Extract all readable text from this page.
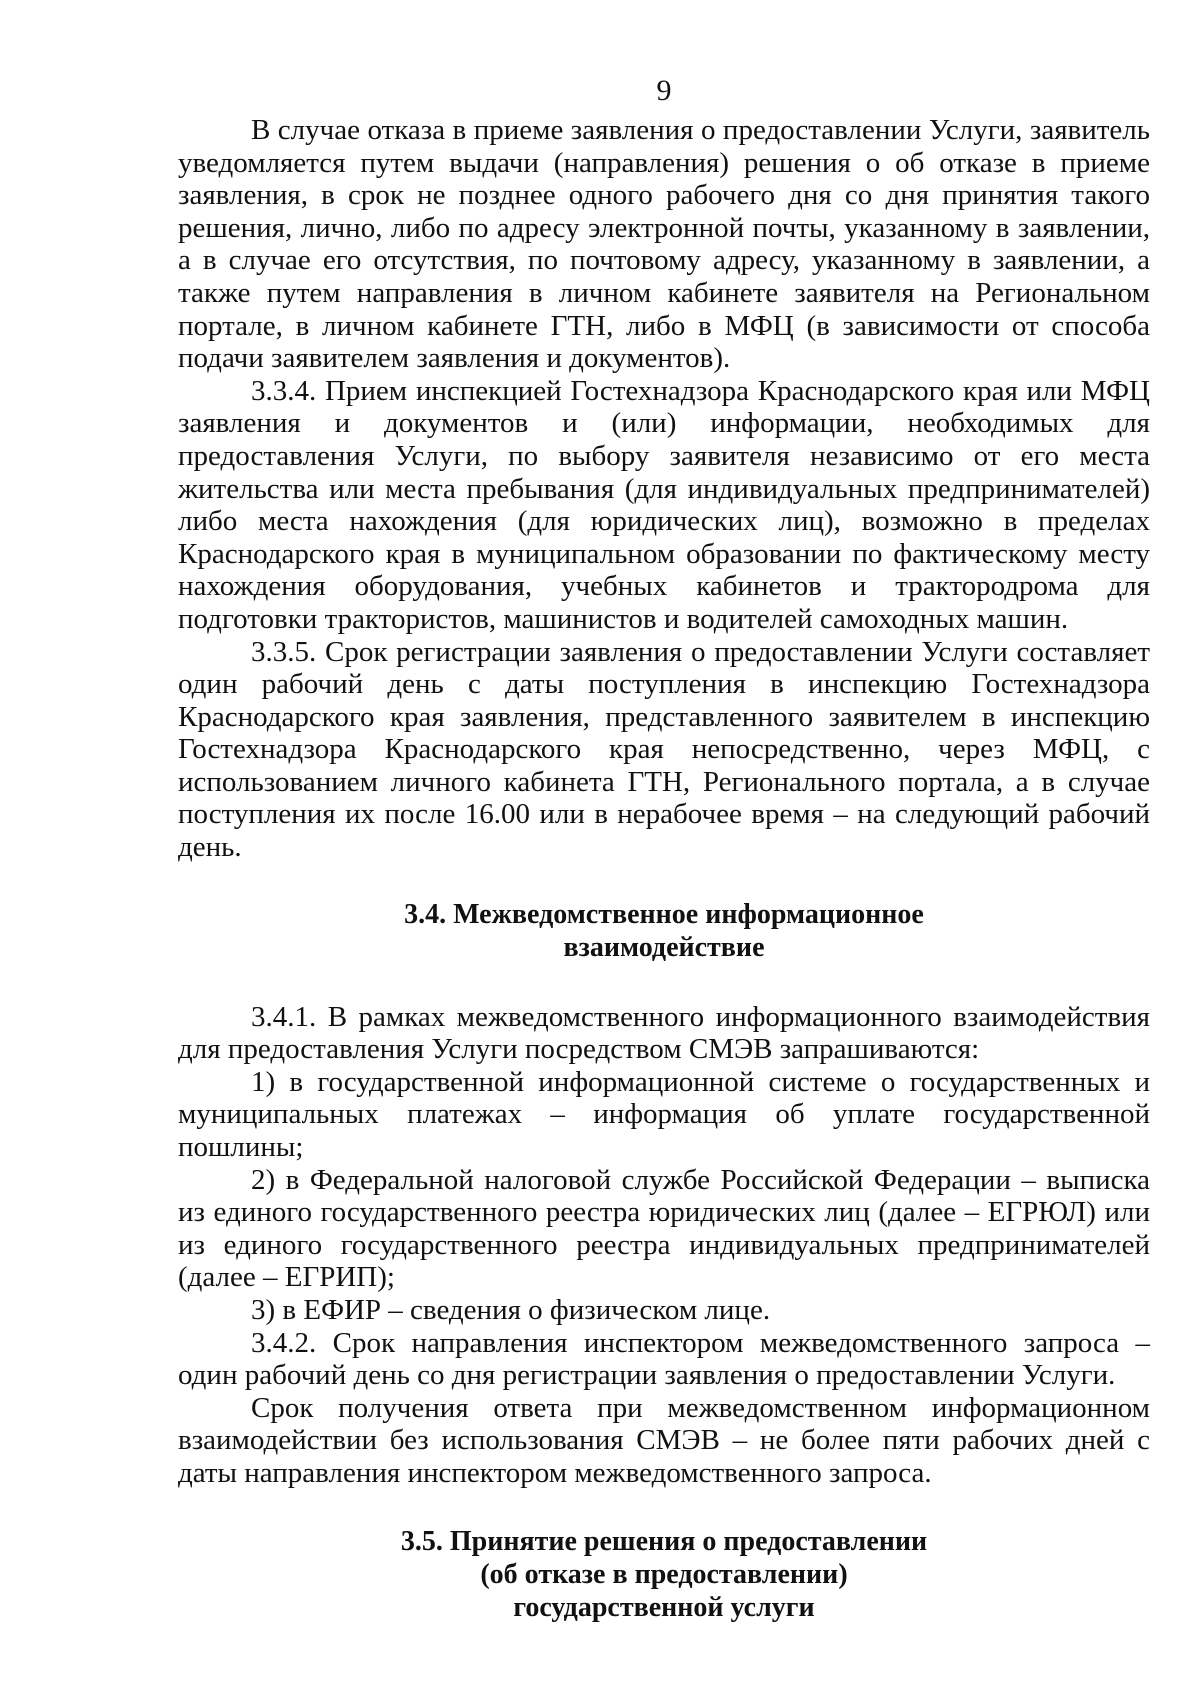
9

В случае отказа в приеме заявления о предоставлении Услуги, заявитель уведомляется путем выдачи (направления) решения о об отказе в приеме заявления, в срок не позднее одного рабочего дня со дня принятия такого решения, лично, либо по адресу электронной почты, указанному в заявлении, а в случае его отсутствия, по почтовому адресу, указанному в заявлении, а также путем направления в личном кабинете заявителя на Региональном портале, в личном кабинете ГТН, либо в МФЦ (в зависимости от способа подачи заявителем заявления и документов).

3.3.4. Прием инспекцией Гостехнадзора Краснодарского края или МФЦ заявления и документов и (или) информации, необходимых для предоставления Услуги, по выбору заявителя независимо от его места жительства или места пребывания (для индивидуальных предпринимателей) либо места нахождения (для юридических лиц), возможно в пределах Краснодарского края в муниципальном образовании по фактическому месту нахождения оборудования, учебных кабинетов и трактородрома для подготовки трактористов, машинистов и водителей самоходных машин.

3.3.5. Срок регистрации заявления о предоставлении Услуги составляет один рабочий день с даты поступления в инспекцию Гостехнадзора Краснодарского края заявления, представленного заявителем в инспекцию Гостехнадзора Краснодарского края непосредственно, через МФЦ, с использованием личного кабинета ГТН, Регионального портала, а в случае поступления их после 16.00 или в нерабочее время – на следующий рабочий день.

3.4. Межведомственное информационное
взаимодействие

3.4.1. В рамках межведомственного информационного взаимодействия для предоставления Услуги посредством СМЭВ запрашиваются:

1) в государственной информационной системе о государственных и муниципальных платежах – информация об уплате государственной пошлины;

2) в Федеральной налоговой службе Российской Федерации – выписка из единого государственного реестра юридических лиц (далее – ЕГРЮЛ) или из единого государственного реестра индивидуальных предпринимателей (далее – ЕГРИП);

3) в ЕФИР – сведения о физическом лице.

3.4.2. Срок направления инспектором межведомственного запроса – один рабочий день со дня регистрации заявления о предоставлении Услуги.

Срок получения ответа при межведомственном информационном взаимодействии без использования СМЭВ – не более пяти рабочих дней с даты направления инспектором межведомственного запроса.

3.5. Принятие решения о предоставлении
(об отказе в предоставлении)
государственной услуги
